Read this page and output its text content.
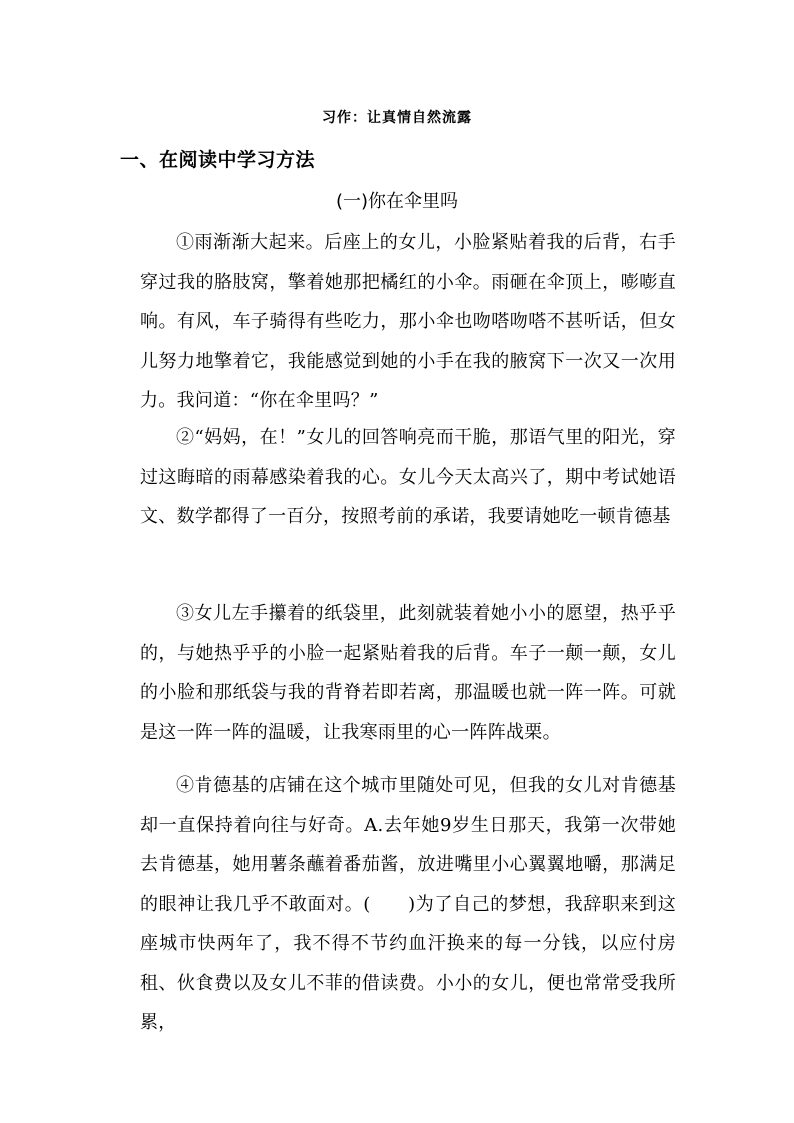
习作：让真情自然流露
一、在阅读中学习方法
(一)你在伞里吗

①雨渐渐大起来。后座上的女儿，小脸紧贴着我的后背，右手穿过我的胳肢窝，擎着她那把橘红的小伞。雨砸在伞顶上，嘭嘭直响。有风，车子骑得有些吃力，那小伞也吻嗒吻嗒不甚听话，但女儿努力地擎着它，我能感觉到她的小手在我的腋窝下一次又一次用力。我问道：“你在伞里吗？”

②“妈妈，在！”女儿的回答响亮而干脆，那语气里的阳光，穿过这晦暗的雨幕感染着我的心。女儿今天太高兴了，期中考试她语文、数学都得了一百分，按照考前的承诺，我要请她吃一顿肯德基

③女儿左手攥着的纸袋里，此刻就装着她小小的愿望，热乎乎的，与她热乎乎的小脸一起紧贴着我的后背。车子一颠一颠，女儿的小脸和那纸袋与我的背脊若即若离，那温暖也就一阵一阵。可就是这一阵一阵的温暖，让我寒雨里的心一阵阵战栗。

④肯德基的店铺在这个城市里随处可见，但我的女儿对肯德基却一直保持着向往与好奇。A.去年她9岁生日那天，我第一次带她去肯德基，她用薯条蘸着番茄酱，放进嘴里小心翼翼地嚼，那满足的眼神让我几乎不敢面对。(　　)为了自己的梦想，我辞职来到这座城市快两年了，我不得不节约血汗换来的每一分钱，以应付房租、伙食费以及女儿不菲的借读费。小小的女儿，便也常常受我所累，
